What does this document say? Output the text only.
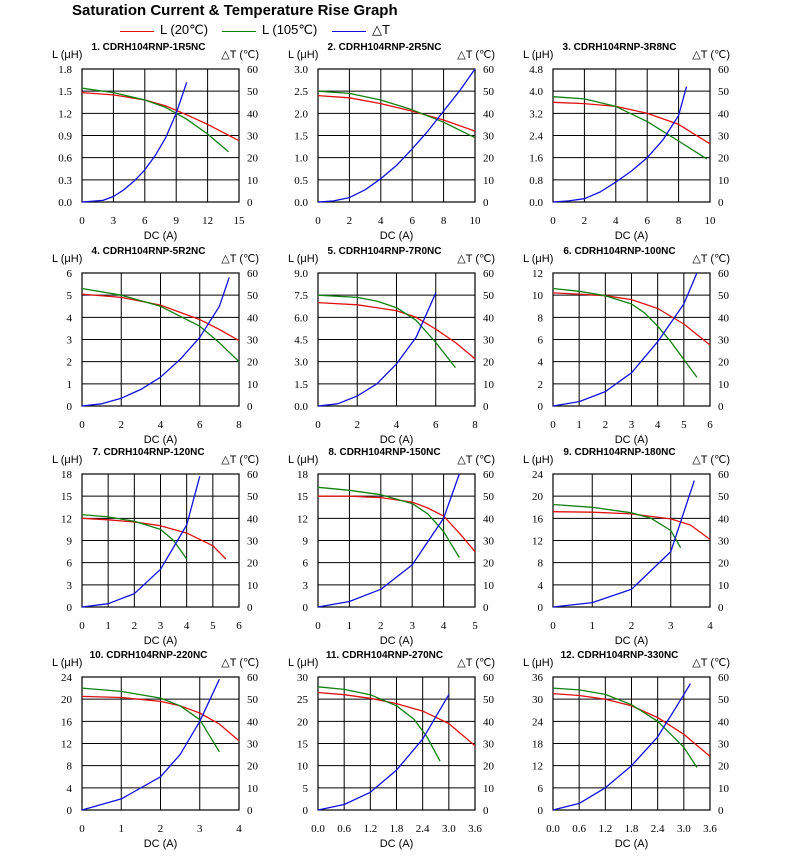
Saturation Current & Temperature Rise Graph
L (20℃)	L (105℃)	△T
0 3 6 9 12 15
0.0
0.3
0.6
0.9
1.2
1.5
1.8
0
10
20
30
40
50
60
1. CDRH104RNP-1R5NC
L (μH)	△T (℃)
DC (A)
0 2 4 6 8 10
0.0
0.5
1.0
1.5
2.0
2.5
3.0
0
10
20
30
40
50
60
2. CDRH104RNP-2R5NC
L (μH)	△T (℃)
DC (A)
0 2 4 6 8 10
0.0
0.8
1.6
2.4
3.2
4.0
4.8
0
10
20
30
40
50
60
3. CDRH104RNP-3R8NC
L (μH)	△T (℃)
DC (A)
0	2	4	6	8
0
1
2
3
4
5
6
0
10
20
30
40
50
60
4. CDRH104RNP-5R2NC
L (μH)	△T (℃)
DC (A)
0	2	4	6	8
0.0
1.5
3.0
4.5
6.0
7.5
9.0
0
10
20
30
40
50
60
5. CDRH104RNP-7R0NC
L (μH)	△T (℃)
DC (A)
0 1 2 3 4 5 6
0
2
4
6
8
10
12
0
10
20
30
40
50
60
6. CDRH104RNP-100NC
L (μH)	△T (℃)
DC (A)
0 1 2 3 4 5 6
0
3
6
9
12
15
18
0
10
20
30
40
50
60
7. CDRH104RNP-120NC
L (μH)	△T (℃)
DC (A)
0 1 2 3 4 5
0
3
6
9
12
15
18
0
10
20
30
40
50
60
8. CDRH104RNP-150NC
L (μH)	△T (℃)
DC (A)
0	1	2	3	4
0
4
8
12
16
20
24
0
10
20
30
40
50
60
9. CDRH104RNP-180NC
L (μH)	△T (℃)
DC (A)
0	1	2	3	4
0
4
8
12
16
20
24
0
10
20
30
40
50
60
10. CDRH104RNP-220NC
L (μH)	△T (℃)
DC (A)
0.0 0.6 1.2 1.8 2.4 3.0 3.6
0
5
10
15
20
25
30
0
10
20
30
40
50
60
11. CDRH104RNP-270NC
L (μH)	△T (℃)
DC (A)
0.0 0.6 1.2 1.8 2.4 3.0 3.6
0
6
12
18
24
30
36
0
10
20
30
40
50
60
12. CDRH104RNP-330NC
L (μH)	△T (℃)
DC (A)
